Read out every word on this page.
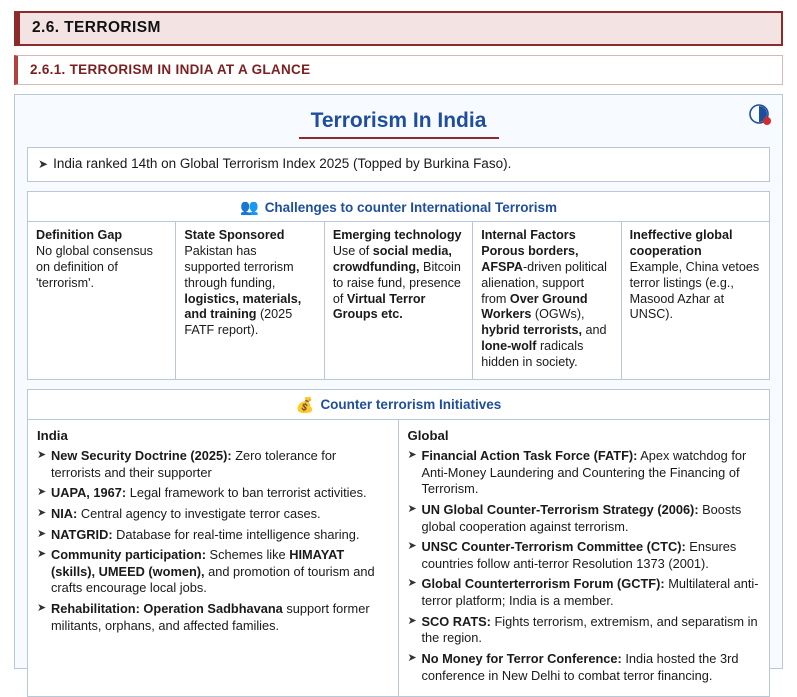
2.6. TERRORISM
2.6.1. TERRORISM IN INDIA AT A GLANCE
Terrorism In India
➤ India ranked 14th on Global Terrorism Index 2025 (Topped by Burkina Faso).
👥 Challenges to counter International Terrorism
Definition Gap
No global consensus on definition of 'terrorism'.
State Sponsored
Pakistan has supported terrorism through funding, logistics, materials, and training (2025 FATF report).
Emerging technology
Use of social media, crowdfunding, Bitcoin to raise fund, presence of Virtual Terror Groups etc.
Internal Factors
Porous borders, AFSPA-driven political alienation, support from Over Ground Workers (OGWs), hybrid terrorists, and lone-wolf radicals hidden in society.
Ineffective global cooperation
Example, China vetoes terror listings (e.g., Masood Azhar at UNSC).
💰 Counter terrorism Initiatives
India
➤ New Security Doctrine (2025): Zero tolerance for terrorists and their supporter
➤ UAPA, 1967: Legal framework to ban terrorist activities.
➤ NIA: Central agency to investigate terror cases.
➤ NATGRID: Database for real-time intelligence sharing.
➤ Community participation: Schemes like HIMAYAT (skills), UMEED (women), and promotion of tourism and crafts encourage local jobs.
➤ Rehabilitation: Operation Sadbhavana support former militants, orphans, and affected families.
Global
➤ Financial Action Task Force (FATF): Apex watchdog for Anti-Money Laundering and Countering the Financing of Terrorism.
➤ UN Global Counter-Terrorism Strategy (2006): Boosts global cooperation against terrorism.
➤ UNSC Counter-Terrorism Committee (CTC): Ensures countries follow anti-terror Resolution 1373 (2001).
➤ Global Counterterrorism Forum (GCTF): Multilateral anti-terror platform; India is a member.
➤ SCO RATS: Fights terrorism, extremism, and separatism in the region.
➤ No Money for Terror Conference: India hosted the 3rd conference in New Delhi to combat terror financing.
